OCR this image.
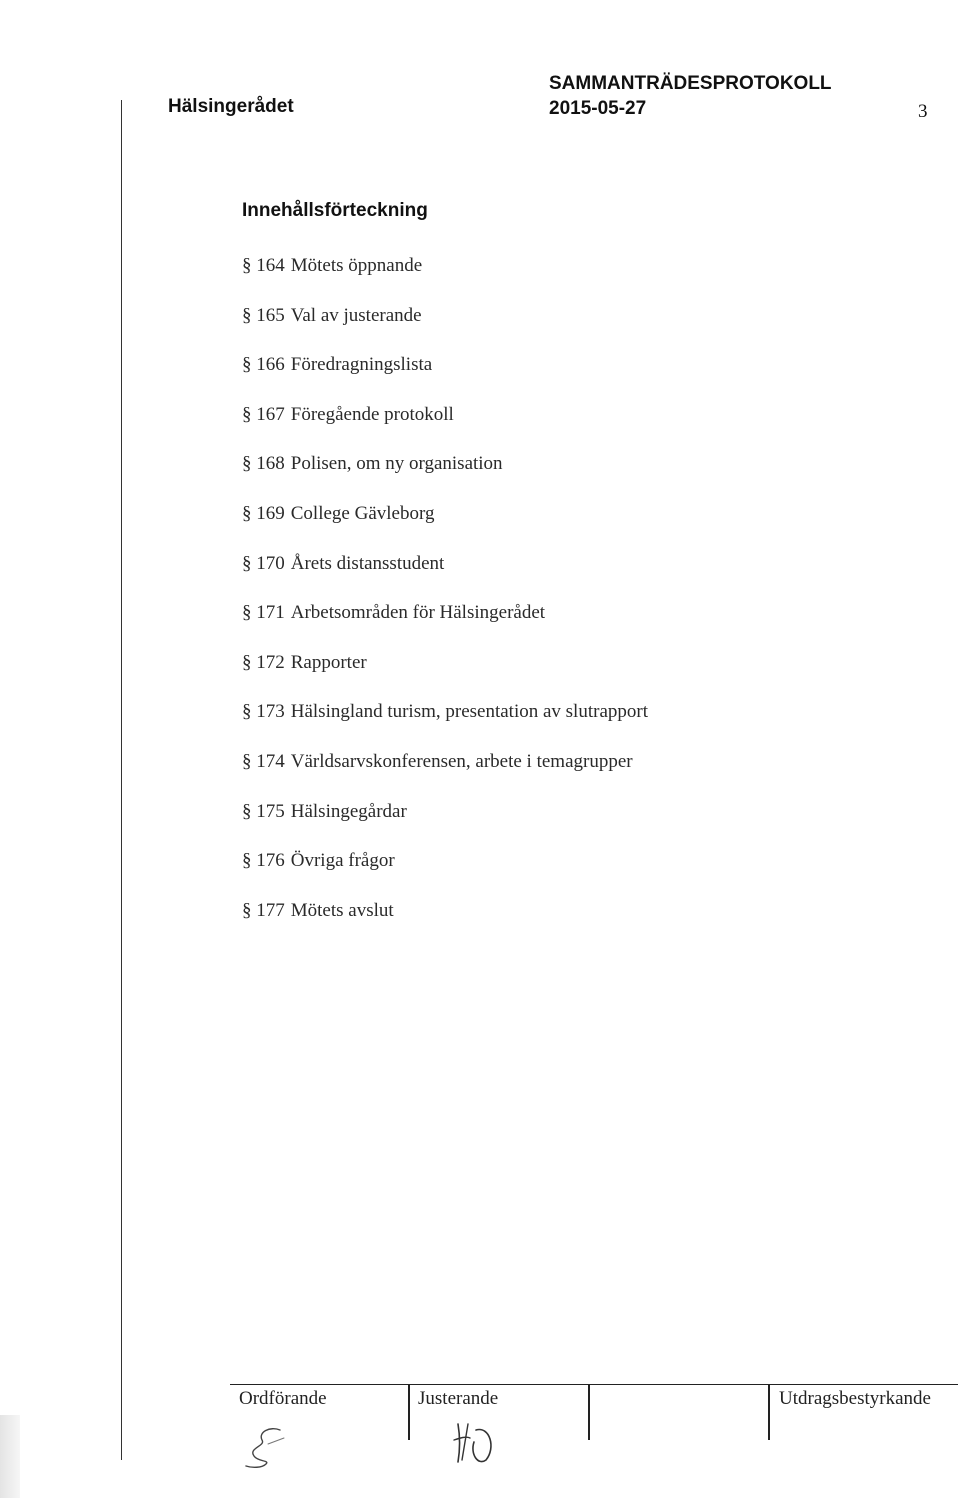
Hälsingerådet
SAMMANTRÄDESPROTOKOLL
2015-05-27	3
Innehållsförteckning
§ 164 Mötets öppnande
§ 165 Val av justerande
§ 166 Föredragningslista
§ 167 Föregående protokoll
§ 168 Polisen, om ny organisation
§ 169 College Gävleborg
§ 170 Årets distansstudent
§ 171 Arbetsområden för Hälsingerådet
§ 172 Rapporter
§ 173 Hälsingland turism, presentation av slutrapport
§ 174 Världsarvskonferensen, arbete i temagrupper
§ 175 Hälsingegårdar
§ 176 Övriga frågor
§ 177 Mötets avslut
Ordförande	Justerande	Utdragsbestyrkande
